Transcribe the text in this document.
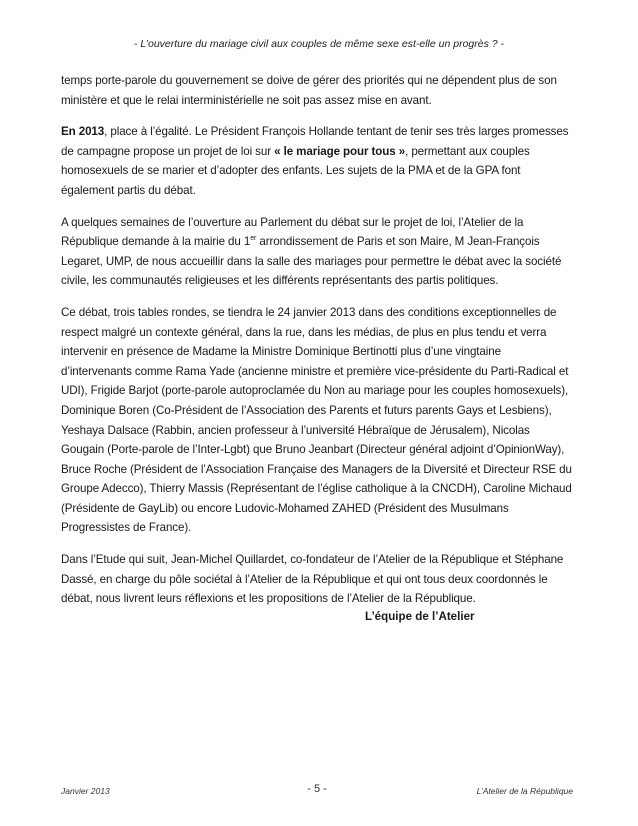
- L’ouverture du mariage civil aux couples de même sexe est-elle un progrès ? -

temps porte-parole du gouvernement se doive de gérer des priorités qui ne dépendent plus de son ministère et que le relai interministérielle ne soit pas assez mise en avant.

En 2013, place à l’égalité. Le Président François Hollande tentant de tenir ses très larges promesses de campagne propose un projet de loi sur « le mariage pour tous », permettant aux couples homosexuels de se marier et d’adopter des enfants. Les sujets de la PMA et de la GPA font également partis du débat.

A quelques semaines de l’ouverture au Parlement du débat sur le projet de loi, l’Atelier de la République demande à la mairie du 1er arrondissement de Paris et son Maire, M Jean-François Legaret, UMP, de nous accueillir dans la salle des mariages pour permettre le débat avec la société civile, les communautés religieuses et les différents représentants des partis politiques.

Ce débat, trois tables rondes, se tiendra le 24 janvier 2013 dans des conditions exceptionnelles de respect malgré un contexte général, dans la rue, dans les médias, de plus en plus tendu et verra intervenir en présence de Madame la Ministre Dominique Bertinotti plus d’une vingtaine d’intervenants comme Rama Yade (ancienne ministre et première vice-présidente du Parti-Radical et UDI), Frigide Barjot (porte-parole autoproclamée du Non au mariage pour les couples homosexuels), Dominique Boren (Co-Président de l’Association des Parents et futurs parents Gays et Lesbiens), Yeshaya Dalsace (Rabbin, ancien professeur à l’université Hébraïque de Jérusalem), Nicolas Gougain (Porte-parole de l’Inter-Lgbt) que Bruno Jeanbart (Directeur général adjoint d’OpinionWay), Bruce Roche (Président de l’Association Française des Managers de la Diversité et Directeur RSE du Groupe Adecco), Thierry Massis (Représentant de l’église catholique à la CNCDH), Caroline Michaud (Présidente de GayLib) ou encore Ludovic-Mohamed ZAHED (Président des Musulmans Progressistes de France).

Dans l’Etude qui suit, Jean-Michel Quillardet, co-fondateur de l’Atelier de la République et Stéphane Dassé, en charge du pôle sociétal à l’Atelier de la République et qui ont tous deux coordonnés le débat, nous livrent leurs réflexions et les propositions de l’Atelier de la République.

L’équipe de l’Atelier
Janvier 2013	- 5 -	L’Atelier de la République
